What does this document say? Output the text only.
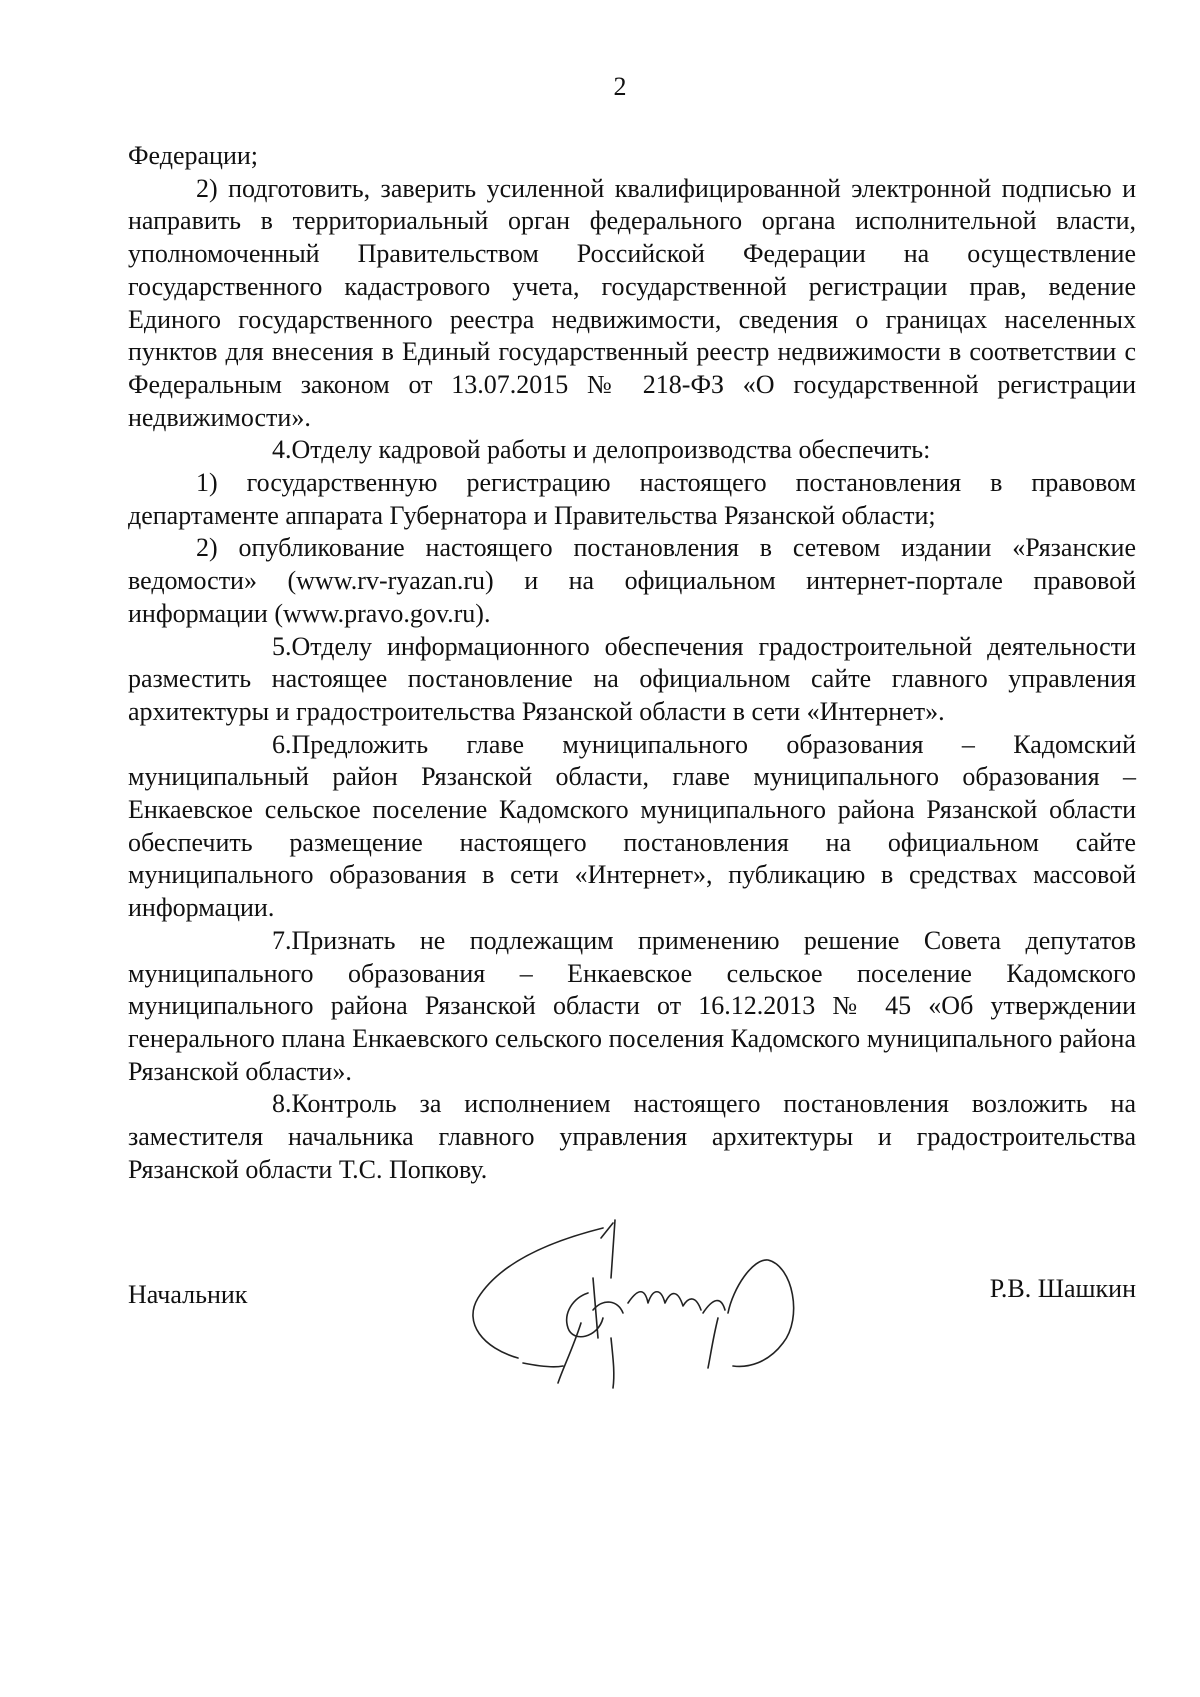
2

Федерации;

2) подготовить, заверить усиленной квалифицированной электронной подписью и направить в территориальный орган федерального органа исполнительной власти, уполномоченный Правительством Российской Федерации на осуществление государственного кадастрового учета, государственной регистрации прав, ведение Единого государственного реестра недвижимости, сведения о границах населенных пунктов для внесения в Единый государственный реестр недвижимости в соответствии с Федеральным законом от 13.07.2015 № 218-ФЗ «О государственной регистрации недвижимости».

4.Отделу кадровой работы и делопроизводства обеспечить:

1) государственную регистрацию настоящего постановления в правовом департаменте аппарата Губернатора и Правительства Рязанской области;

2) опубликование настоящего постановления в сетевом издании «Рязанские ведомости» (www.rv-ryazan.ru) и на официальном интернет-портале правовой информации (www.pravo.gov.ru).

5.Отделу информационного обеспечения градостроительной деятельности разместить настоящее постановление на официальном сайте главного управления архитектуры и градостроительства Рязанской области в сети «Интернет».

6.Предложить главе муниципального образования – Кадомский муниципальный район Рязанской области, главе муниципального образования – Енкаевское сельское поселение Кадомского муниципального района Рязанской области обеспечить размещение настоящего постановления на официальном сайте муниципального образования в сети «Интернет», публикацию в средствах массовой информации.

7.Признать не подлежащим применению решение Совета депутатов муниципального образования – Енкаевское сельское поселение Кадомского муниципального района Рязанской области от 16.12.2013 № 45 «Об утверждении генерального плана Енкаевского сельского поселения Кадомского муниципального района Рязанской области».

8.Контроль за исполнением настоящего постановления возложить на заместителя начальника главного управления архитектуры и градостроительства Рязанской области Т.С. Попкову.

Начальник	Р.В. Шашкин
